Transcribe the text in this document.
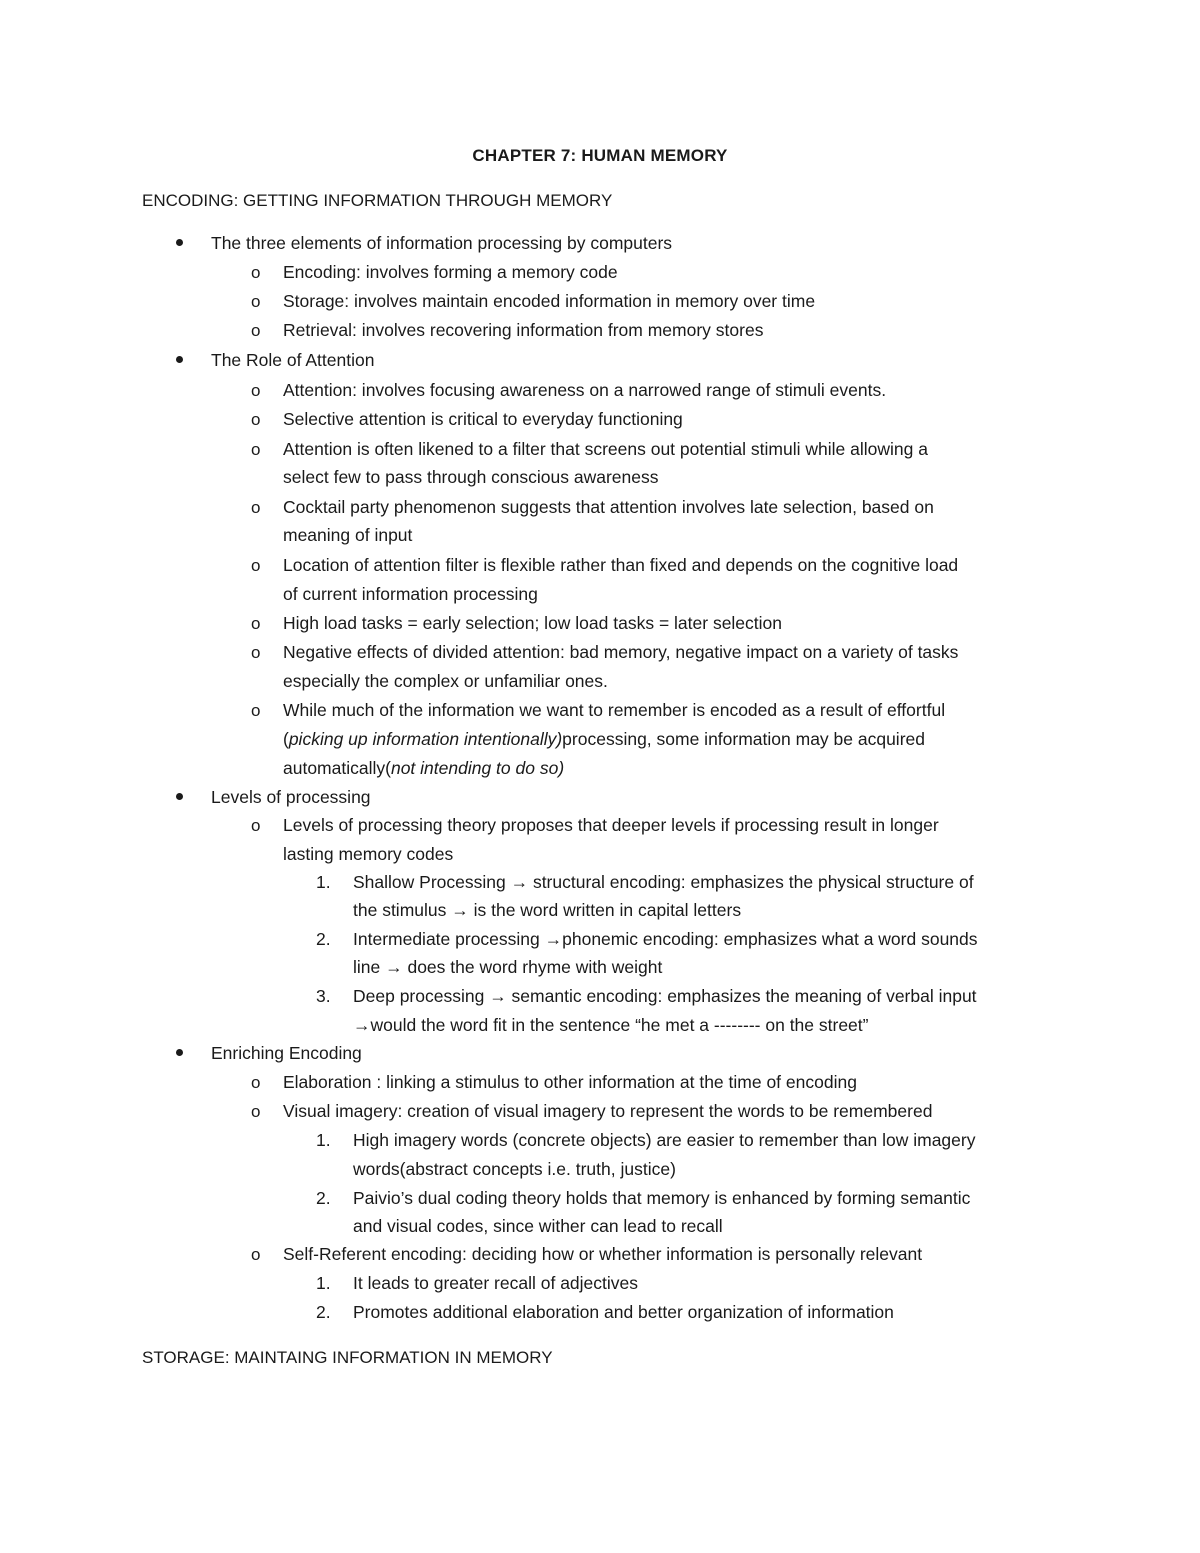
CHAPTER 7: HUMAN MEMORY
ENCODING: GETTING INFORMATION THROUGH MEMORY
The three elements of information processing by computers
o Encoding: involves forming a memory code
o Storage: involves maintain encoded information in memory over time
o Retrieval: involves recovering information from memory stores
The Role of Attention
o Attention: involves focusing awareness on a narrowed range of stimuli events.
o Selective attention is critical to everyday functioning
o Attention is often likened to a filter that screens out potential stimuli while allowing a
select few to pass through conscious awareness
o Cocktail party phenomenon suggests that attention involves late selection, based on
meaning of input
o Location of attention filter is flexible rather than fixed and depends on the cognitive load
of current information processing
o High load tasks = early selection; low load tasks = later selection
o Negative effects of divided attention: bad memory, negative impact on a variety of tasks
especially the complex or unfamiliar ones.
o While much of the information we want to remember is encoded as a result of effortful
(picking up information intentionally)processing, some information may be acquired
automatically(not intending to do so)
Levels of processing
o Levels of processing theory proposes that deeper levels if processing result in longer
lasting memory codes
1. Shallow Processing → structural encoding: emphasizes the physical structure of
the stimulus → is the word written in capital letters
2. Intermediate processing →phonemic encoding: emphasizes what a word sounds
line → does the word rhyme with weight
3. Deep processing → semantic encoding: emphasizes the meaning of verbal input
→would the word fit in the sentence “he met a -------- on the street”
Enriching Encoding
o Elaboration : linking a stimulus to other information at the time of encoding
o Visual imagery: creation of visual imagery to represent the words to be remembered
1. High imagery words (concrete objects) are easier to remember than low imagery
words(abstract concepts i.e. truth, justice)
2. Paivio’s dual coding theory holds that memory is enhanced by forming semantic
and visual codes, since wither can lead to recall
o Self-Referent encoding: deciding how or whether information is personally relevant
1. It leads to greater recall of adjectives
2. Promotes additional elaboration and better organization of information
STORAGE: MAINTAING INFORMATION IN MEMORY
